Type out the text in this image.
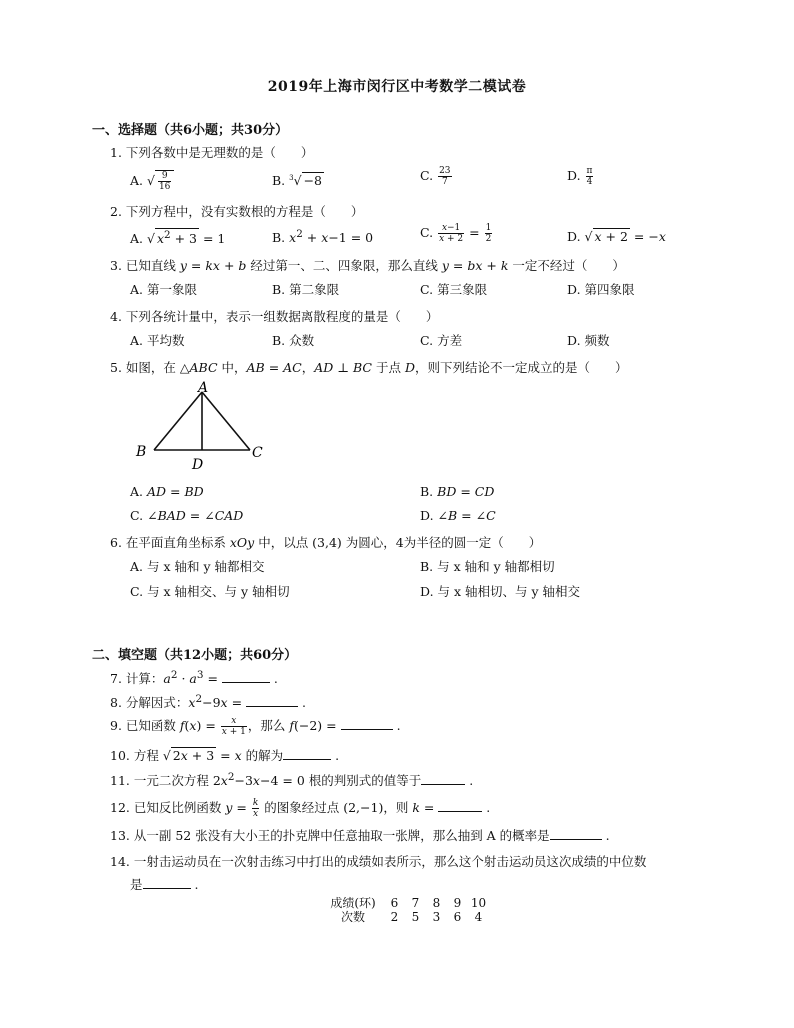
2019年上海市闵行区中考数学二模试卷
一、选择题（共6小题；共30分）
1. 下列各数中是无理数的是（　　）
A. √ $\frac{9}{16}$	B. $^3$√ −8	C. $\frac{23}{7}$	D. $\frac{\pi}{4}$
2. 下列方程中，没有实数根的方程是（　　）
A. √ $x^2 + 3 = 1$	B. $x^2 + x-1 = 0$	C. $\frac{x-1}{x + 2} = \frac{1}{2}$	D. √ x + 2 = −x
3. 已知直线 y = kx + b 经过第一、二、四象限，那么直线 y = bx + k 一定不经过（　　）
A. 第一象限	B. 第二象限	C. 第三象限	D. 第四象限
4. 下列各统计量中，表示一组数据离散程度的量是（　　）
A. 平均数	B. 众数	C. 方差	D. 频数
5. 如图，在 △ABC 中，AB = AC，AD ⊥ BC 于点 D，则下列结论不一定成立的是（　　）
A
B	C
D
A. AD = BD	B. BD = CD
C. ∠BAD = ∠CAD	D. ∠B = ∠C
6. 在平面直角坐标系 xOy 中，以点 (3,4) 为圆心，4为半径的圆一定（　　）
A. 与 x 轴和 y 轴都相交	B. 与 x 轴和 y 轴都相切
C. 与 x 轴相交、与 y 轴相切	D. 与 x 轴相切、与 y 轴相交
二、填空题（共12小题；共60分）
7. 计算：$a^2 \cdot a^3$ =	.
8. 分解因式：$x^2-9x$ =	.
9. 已知函数 $f(x) = \frac{x}{x + 1}$ ，那么 f(−2) =	.
10. 方程 √ 2x + 3 = x 的解为	.
11. 一元二次方程 $2x^2-3x-4 = 0$ 根的判别式的值等于	.
12. 已知反比例函数 $y = \frac{k}{x}$ 的图象经过点 (2,−1)，则 k =	.
13. 从一副 52 张没有大小王的扑克牌中任意抽取一张牌，那么抽到 A 的概率是	.
14. 一射击运动员在一次射击练习中打出的成绩如表所示，那么这个射击运动员这次成绩的中位数
是	.
成绩(环)	6	7	8	9 10
次数	2	5	3	6	4
